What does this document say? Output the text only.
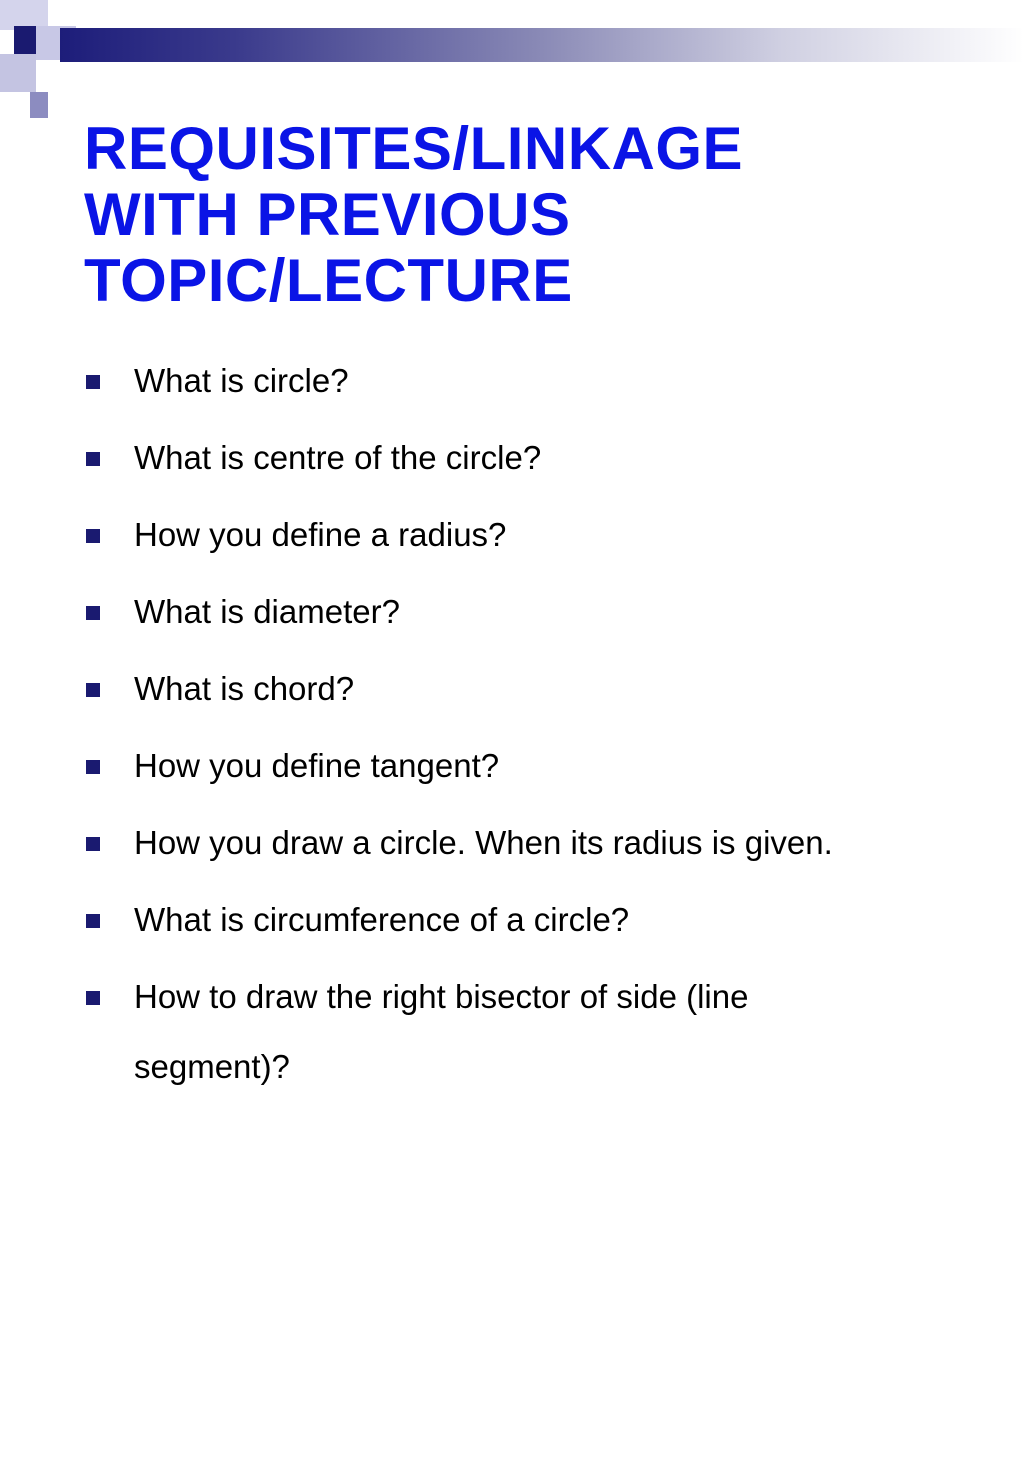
REQUISITES/LINKAGE
WITH PREVIOUS
TOPIC/LECTURE
What is circle?
What is centre of the circle?
How you define a radius?
What is diameter?
What is chord?
How you define tangent?
How you draw a circle. When its radius is given.
What is circumference of a circle?
How to draw the right bisector of side (line segment)?
